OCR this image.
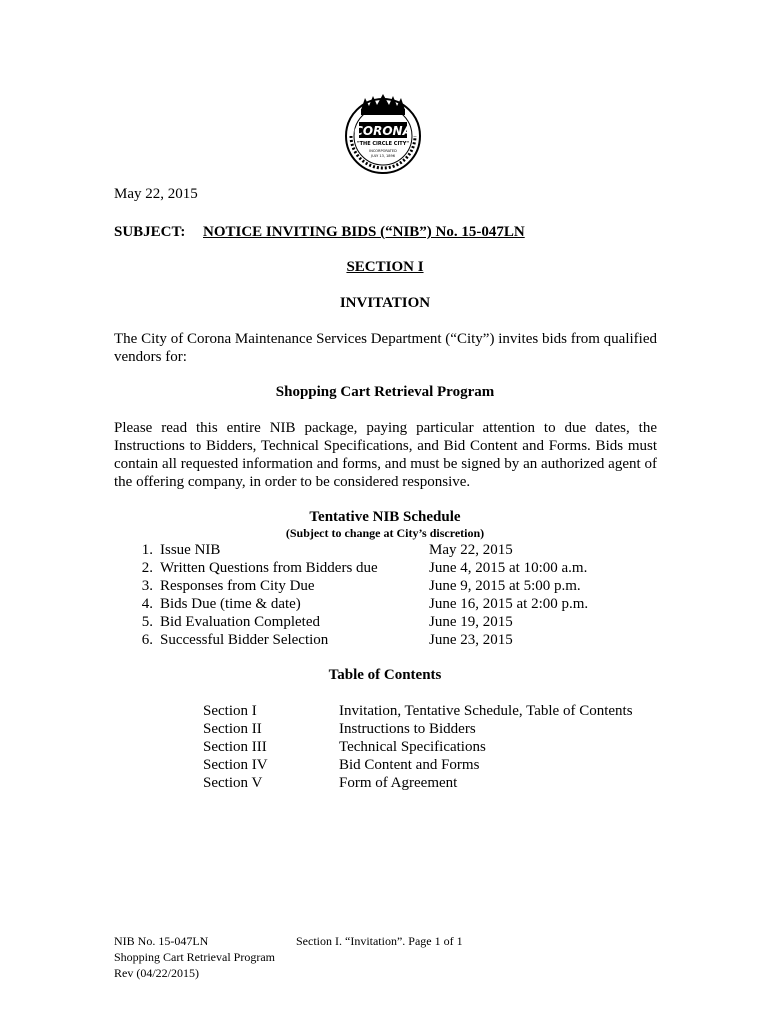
CORONA
"THE CIRCLE CITY"
INCORPORATED
JULY 13, 1896
May 22, 2015
SUBJECT: NOTICE INVITING BIDS (“NIB”) No. 15-047LN
SECTION I
INVITATION
The City of Corona Maintenance Services Department (“City”) invites bids from qualified vendors for:
Shopping Cart Retrieval Program
Please read this entire NIB package, paying particular attention to due dates, the Instructions to Bidders, Technical Specifications, and Bid Content and Forms. Bids must contain all requested information and forms, and must be signed by an authorized agent of the offering company, in order to be considered responsive.
Tentative NIB Schedule
(Subject to change at City’s discretion)
1. Issue NIB	May 22, 2015
2. Written Questions from Bidders due	June 4, 2015 at 10:00 a.m.
3. Responses from City Due	June 9, 2015 at 5:00 p.m.
4. Bids Due (time & date)	June 16, 2015 at 2:00 p.m.
5. Bid Evaluation Completed	June 19, 2015
6. Successful Bidder Selection	June 23, 2015
Table of Contents
Section I	Invitation, Tentative Schedule, Table of Contents
Section II	Instructions to Bidders
Section III	Technical Specifications
Section IV	Bid Content and Forms
Section V	Form of Agreement
NIB No. 15-047LN	Section I. “Invitation”. Page 1 of 1
Shopping Cart Retrieval Program
Rev (04/22/2015)
